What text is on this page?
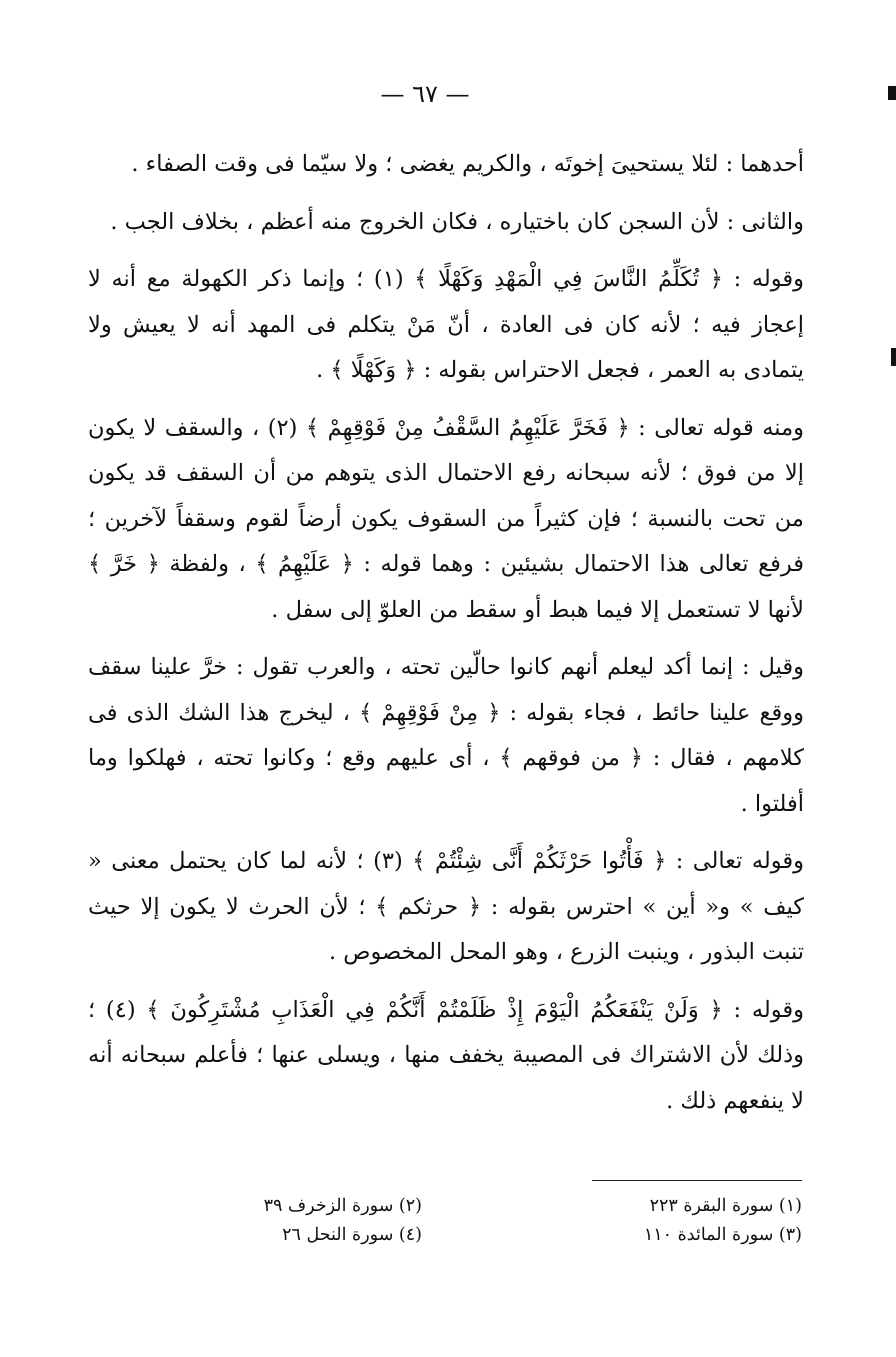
— ٦٧ —

أحدهما : لئلا يستحيىَ إخوتَه ، والكريم يغضى ؛ ولا سيّما فى وقت الصفاء .

والثانى : لأن السجن كان باختياره ، فكان الخروج منه أعظم ، بخلاف الجب .

وقوله : ﴿ تُكَلِّمُ النَّاسَ فِي الْمَهْدِ وَكَهْلًا ﴾ (١) ؛ وإنما ذكر الكهولة مع أنه لا إعجاز فيه ؛ لأنه كان فى العادة ، أنّ مَنْ يتكلم فى المهد أنه لا يعيش ولا يتمادى به العمر ، فجعل الاحتراس بقوله : ﴿ وَكَهْلًا ﴾ .

ومنه قوله تعالى : ﴿ فَخَرَّ عَلَيْهِمُ السَّقْفُ مِنْ فَوْقِهِمْ ﴾ (٢) ، والسقف لا يكون إلا من فوق ؛ لأنه سبحانه رفع الاحتمال الذى يتوهم من أن السقف قد يكون من تحت بالنسبة ؛ فإن كثيراً من السقوف يكون أرضاً لقوم وسقفاً لآخرين ؛ فرفع تعالى هذا الاحتمال بشيئين : وهما قوله : ﴿ عَلَيْهِمُ ﴾ ، ولفظة ﴿ خَرَّ ﴾ لأنها لا تستعمل إلا فيما هبط أو سقط من العلوّ إلى سفل .

وقيل : إنما أكد ليعلم أنهم كانوا حالّين تحته ، والعرب تقول : خرَّ علينا سقف ووقع علينا حائط ، فجاء بقوله : ﴿ مِنْ فَوْقِهِمْ ﴾ ، ليخرج هذا الشك الذى فى كلامهم ، فقال : ﴿ من فوقهم ﴾ ، أى عليهم وقع ؛ وكانوا تحته ، فهلكوا وما أفلتوا .

وقوله تعالى : ﴿ فَأْتُوا حَرْثَكُمْ أَنَّى شِئْتُمْ ﴾ (٣) ؛ لأنه لما كان يحتمل معنى « كيف » و« أين » احترس بقوله : ﴿ حرثكم ﴾ ؛ لأن الحرث لا يكون إلا حيث تنبت البذور ، وينبت الزرع ، وهو المحل المخصوص .

وقوله : ﴿ وَلَنْ يَنْفَعَكُمُ الْيَوْمَ إِذْ ظَلَمْتُمْ أَنَّكُمْ فِي الْعَذَابِ مُشْتَرِكُونَ ﴾ (٤) ؛ وذلك لأن الاشتراك فى المصيبة يخفف منها ، ويسلى عنها ؛ فأعلم سبحانه أنه لا ينفعهم ذلك .

(١) سورة البقرة ٢٢٣
(٣) سورة المائدة ١١٠
(٢) سورة الزخرف ٣٩
(٤) سورة النحل ٢٦
